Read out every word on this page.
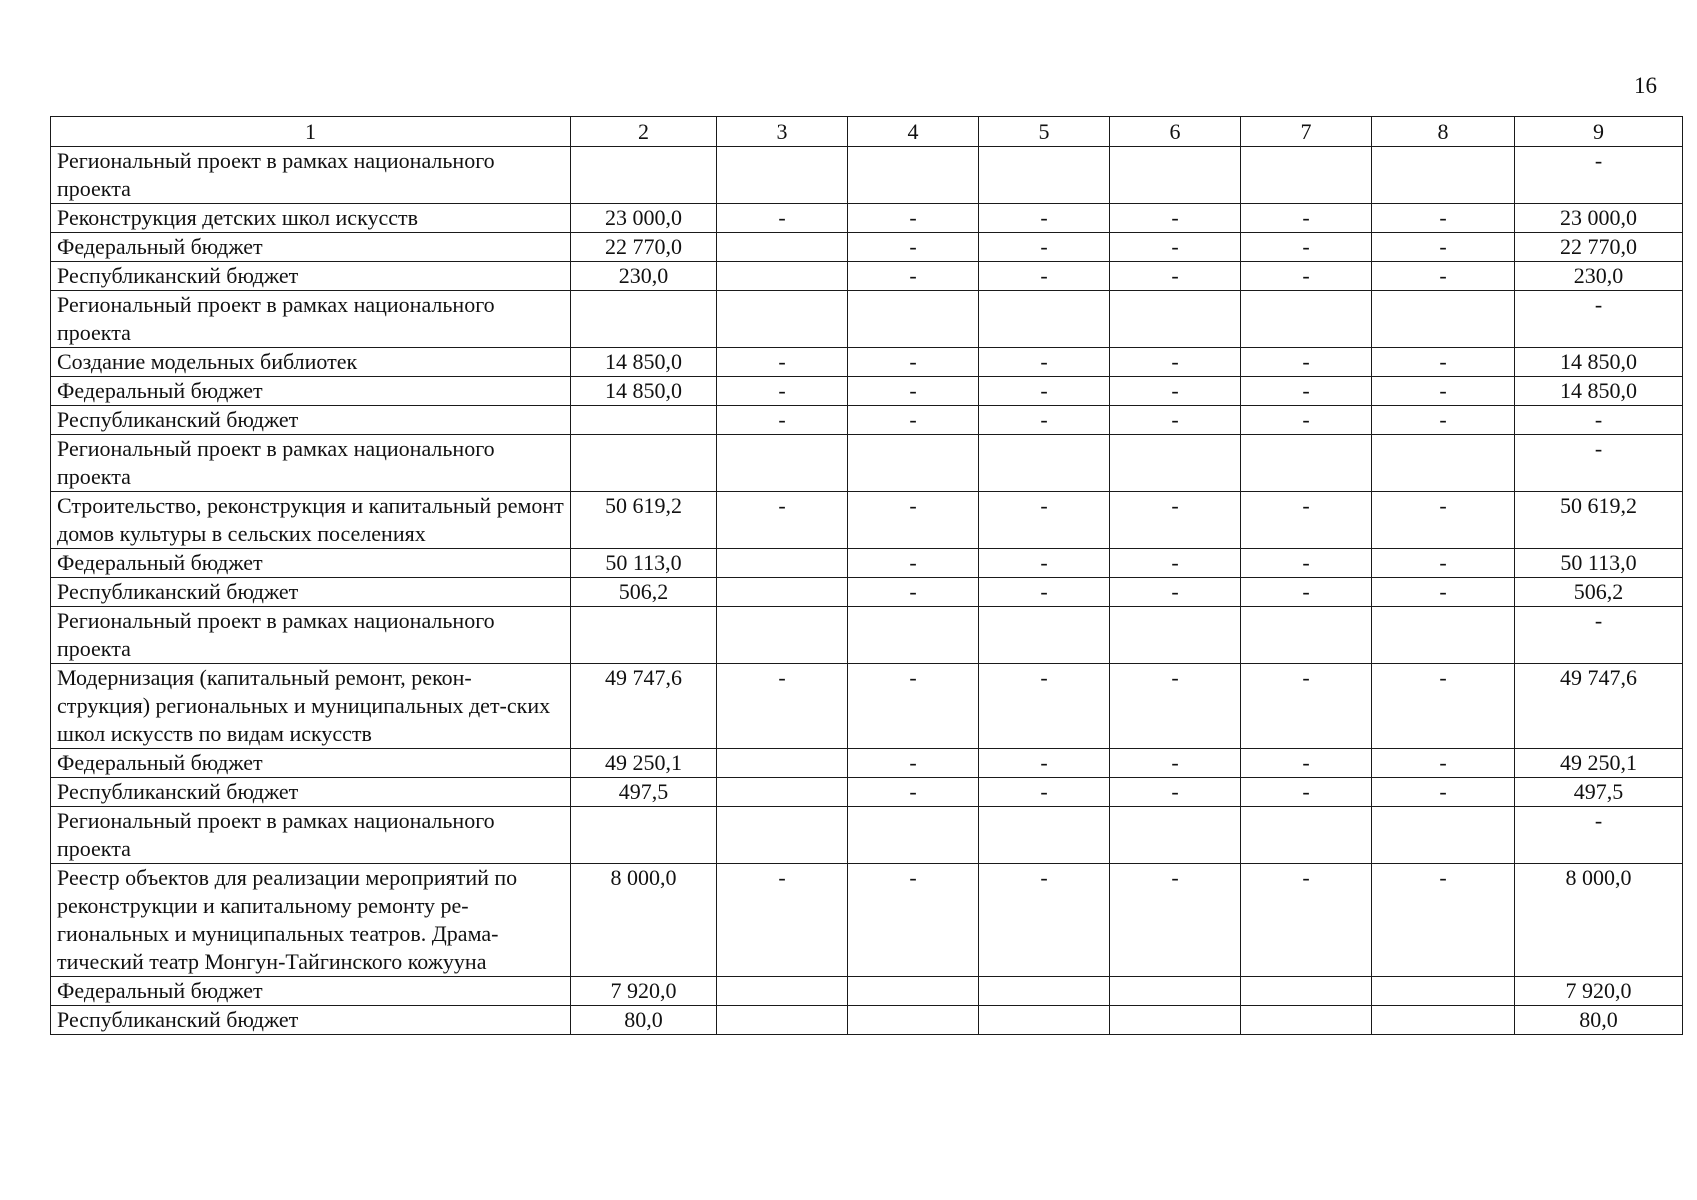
16
1	2	3	4	5	6	7	8	9
Региональный проект в рамках национального проекта								-
Реконструкция детских школ искусств	23 000,0	-	-	-	-	-	-	23 000,0
Федеральный бюджет	22 770,0		-	-	-	-	-	22 770,0
Республиканский бюджет	230,0		-	-	-	-	-	230,0
Региональный проект в рамках национального проекта								-
Создание модельных библиотек	14 850,0	-	-	-	-	-	-	14 850,0
Федеральный бюджет	14 850,0	-	-	-	-	-	-	14 850,0
Республиканский бюджет		-	-	-	-	-	-	-
Региональный проект в рамках национального проекта								-
Строительство, реконструкция и капитальный ремонт домов культуры в сельских поселениях	50 619,2	-	-	-	-	-	-	50 619,2
Федеральный бюджет	50 113,0		-	-	-	-	-	50 113,0
Республиканский бюджет	506,2		-	-	-	-	-	506,2
Региональный проект в рамках национального проекта								-
Модернизация (капитальный ремонт, рекон-струкция) региональных и муниципальных дет-ских школ искусств по видам искусств	49 747,6	-	-	-	-	-	-	49 747,6
Федеральный бюджет	49 250,1		-	-	-	-	-	49 250,1
Республиканский бюджет	497,5		-	-	-	-	-	497,5
Региональный проект в рамках национального проекта								-
Реестр объектов для реализации мероприятий по реконструкции и капитальному ремонту ре-гиональных и муниципальных театров. Драма-тический театр Монгун-Тайгинского кожууна	8 000,0	-	-	-	-	-	-	8 000,0
Федеральный бюджет	7 920,0							7 920,0
Республиканский бюджет	80,0							80,0
